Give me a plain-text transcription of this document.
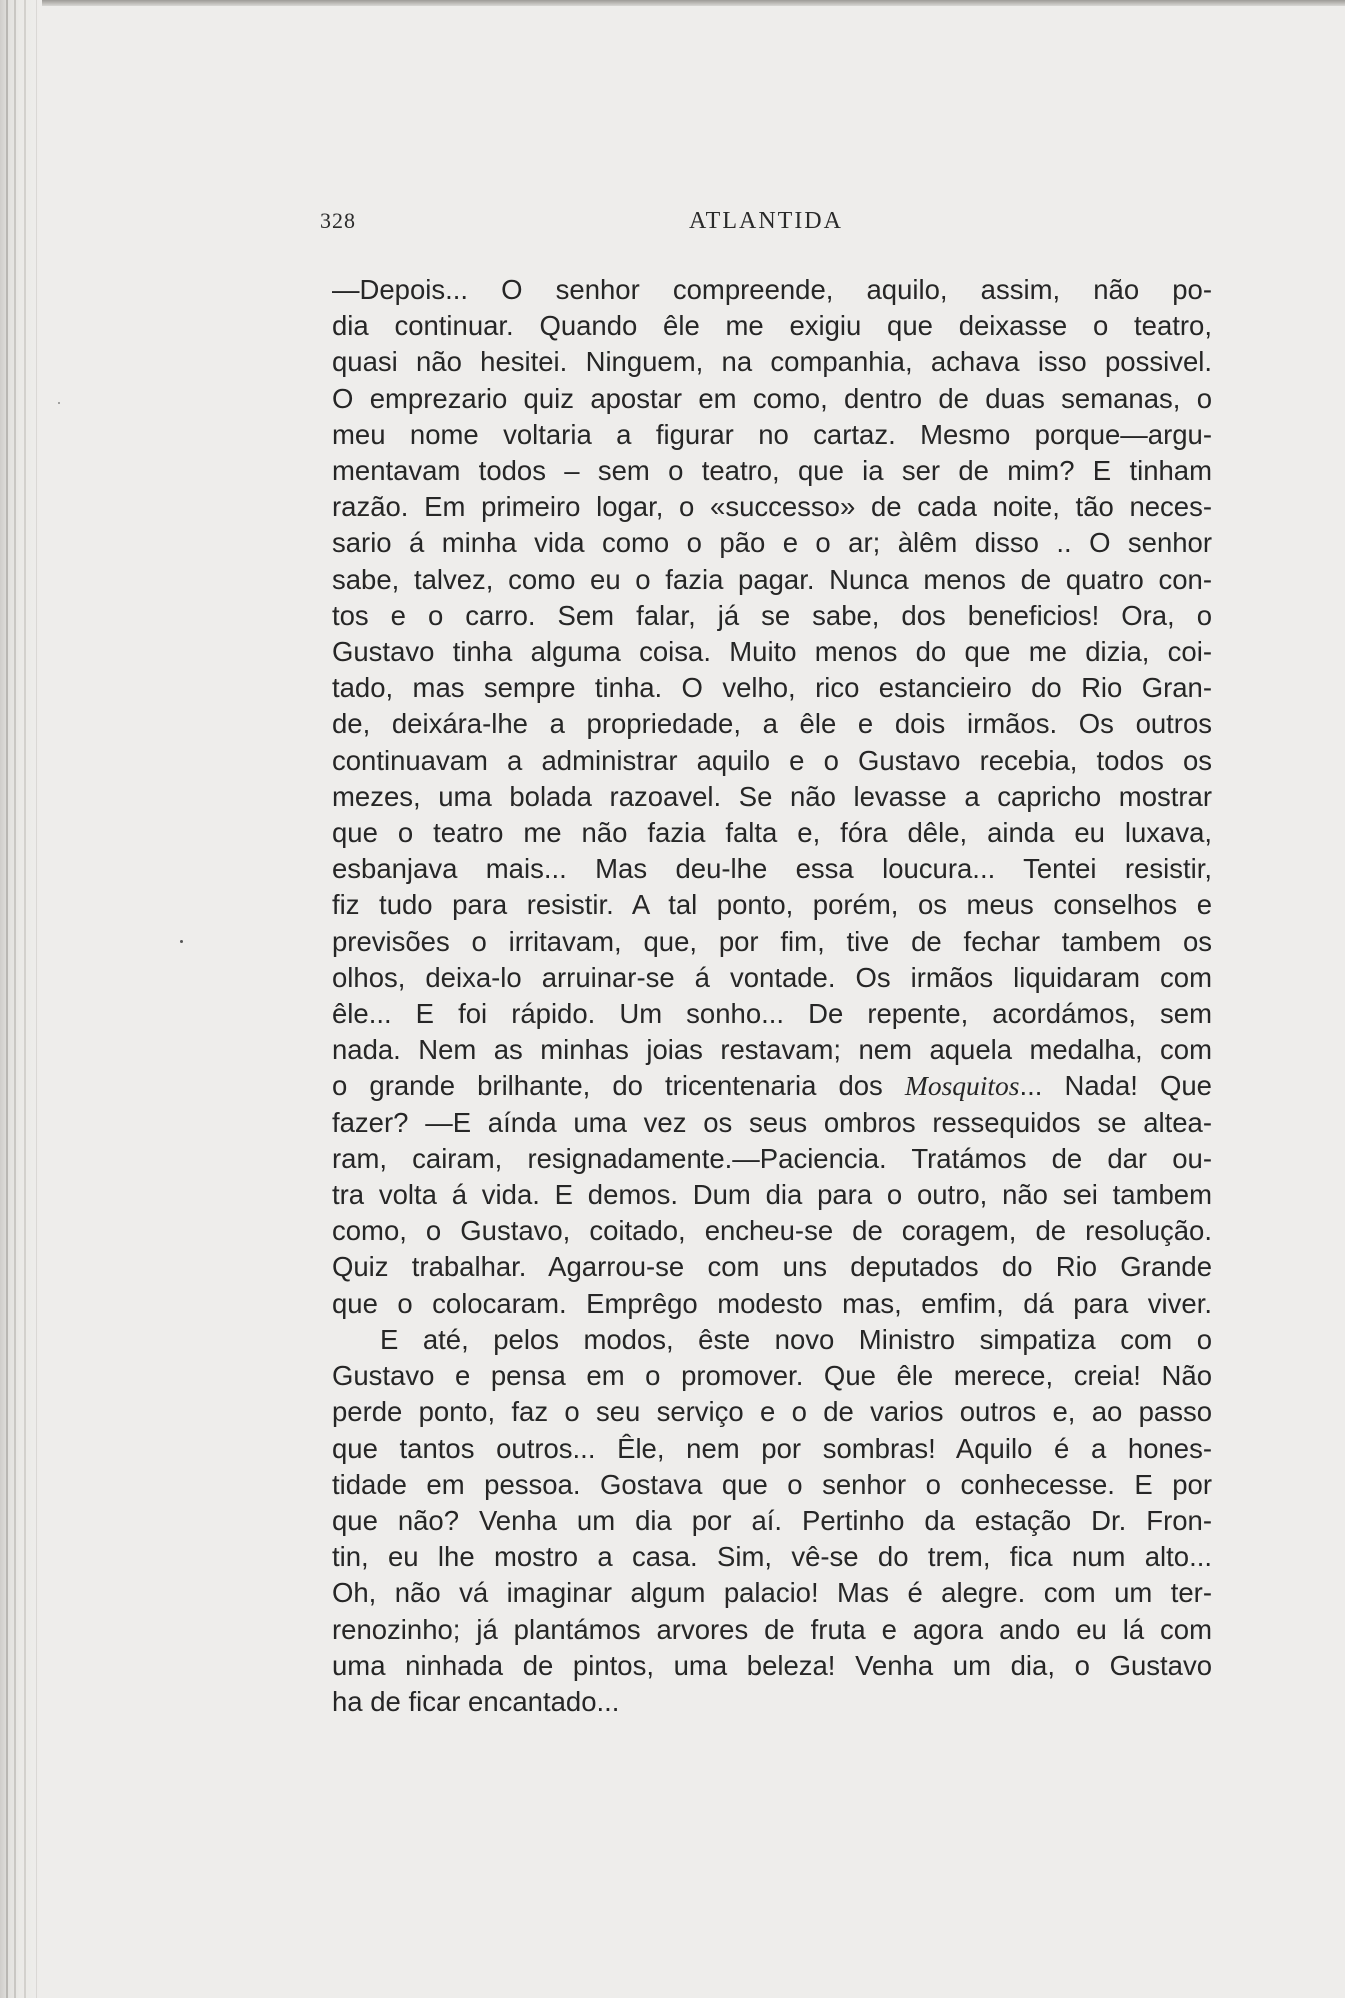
328	ATLANTIDA
—Depois... O senhor compreende, aquilo, assim, não po-
dia continuar. Quando êle me exigiu que deixasse o teatro,
quasi não hesitei. Ninguem, na companhia, achava isso possivel.
O emprezario quiz apostar em como, dentro de duas semanas, o
meu nome voltaria a figurar no cartaz. Mesmo porque—argu-
mentavam todos – sem o teatro, que ia ser de mim? E tinham
razão. Em primeiro logar, o «successo» de cada noite, tão neces-
sario á minha vida como o pão e o ar; àlêm disso .. O senhor
sabe, talvez, como eu o fazia pagar. Nunca menos de quatro con-
tos e o carro. Sem falar, já se sabe, dos beneficios! Ora, o
Gustavo tinha alguma coisa. Muito menos do que me dizia, coi-
tado, mas sempre tinha. O velho, rico estancieiro do Rio Gran-
de, deixára-lhe a propriedade, a êle e dois irmãos. Os outros
continuavam a administrar aquilo e o Gustavo recebia, todos os
mezes, uma bolada razoavel. Se não levasse a capricho mostrar
que o teatro me não fazia falta e, fóra dêle, ainda eu luxava,
esbanjava mais... Mas deu-lhe essa loucura... Tentei resistir,
fiz tudo para resistir. A tal ponto, porém, os meus conselhos e
previsões o irritavam, que, por fim, tive de fechar tambem os
olhos, deixa-lo arruinar-se á vontade. Os irmãos liquidaram com
êle... E foi rápido. Um sonho... De repente, acordámos, sem
nada. Nem as minhas joias restavam; nem aquela medalha, com
o grande brilhante, do tricentenaria dos Mosquitos... Nada! Que
fazer? —E aínda uma vez os seus ombros ressequidos se altea-
ram, cairam, resignadamente.—Paciencia. Tratámos de dar ou-
tra volta á vida. E demos. Dum dia para o outro, não sei tambem
como, o Gustavo, coitado, encheu-se de coragem, de resolução.
Quiz trabalhar. Agarrou-se com uns deputados do Rio Grande
que o colocaram. Emprêgo modesto mas, emfim, dá para viver.
E até, pelos modos, êste novo Ministro simpatiza com o
Gustavo e pensa em o promover. Que êle merece, creia! Não
perde ponto, faz o seu serviço e o de varios outros e, ao passo
que tantos outros... Êle, nem por sombras! Aquilo é a hones-
tidade em pessoa. Gostava que o senhor o conhecesse. E por
que não? Venha um dia por aí. Pertinho da estação Dr. Fron-
tin, eu lhe mostro a casa. Sim, vê-se do trem, fica num alto...
Oh, não vá imaginar algum palacio! Mas é alegre. com um ter-
renozinho; já plantámos arvores de fruta e agora ando eu lá com
uma ninhada de pintos, uma beleza! Venha um dia, o Gustavo
ha de ficar encantado...
